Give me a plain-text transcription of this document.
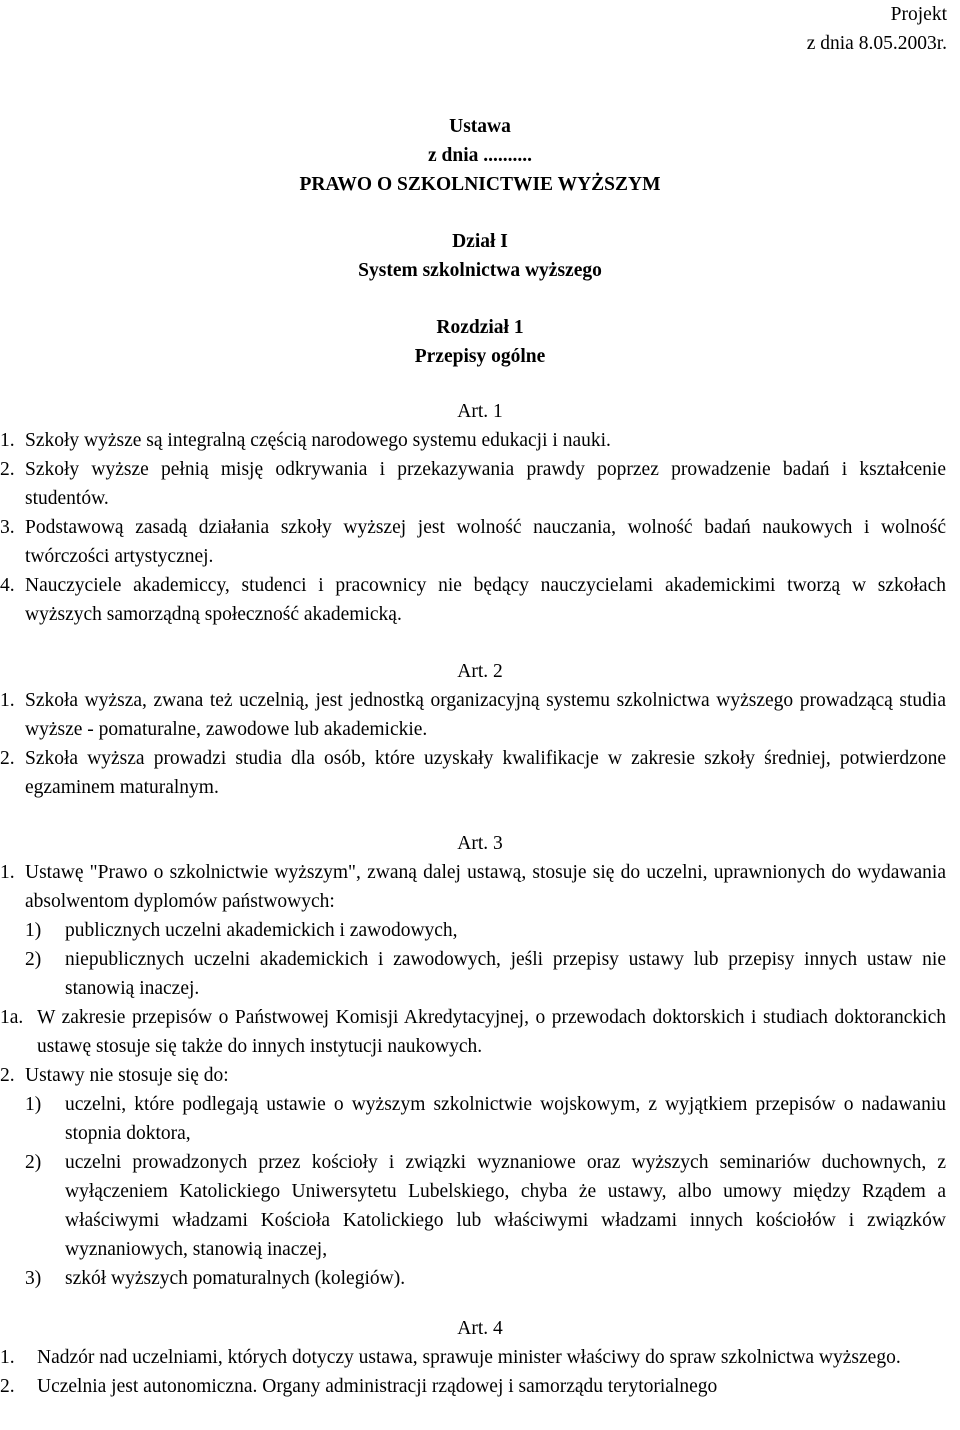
Projekt
z dnia 8.05.2003r.
Ustawa
z dnia ..........
PRAWO O SZKOLNICTWIE WYŻSZYM
Dział I
System szkolnictwa wyższego
Rozdział 1
Przepisy ogólne
Art. 1
1. Szkoły wyższe są integralną częścią narodowego systemu edukacji i nauki.
2. Szkoły wyższe pełnią misję odkrywania i przekazywania prawdy poprzez prowadzenie badań i kształcenie studentów.
3. Podstawową zasadą działania szkoły wyższej jest wolność nauczania, wolność badań naukowych i wolność twórczości artystycznej.
4. Nauczyciele akademiccy, studenci i pracownicy nie będący nauczycielami akademickimi tworzą w szkołach wyższych samorządną społeczność akademicką.
Art. 2
1. Szkoła wyższa, zwana też uczelnią, jest jednostką organizacyjną systemu szkolnictwa wyższego prowadzącą studia wyższe - pomaturalne, zawodowe lub akademickie.
2. Szkoła wyższa prowadzi studia dla osób, które uzyskały kwalifikacje w zakresie szkoły średniej, potwierdzone egzaminem maturalnym.
Art. 3
1. Ustawę "Prawo o szkolnictwie wyższym", zwaną dalej ustawą, stosuje się do uczelni, uprawnionych do wydawania absolwentom dyplomów państwowych:
1) publicznych uczelni akademickich i zawodowych,
2) niepublicznych uczelni akademickich i zawodowych, jeśli przepisy ustawy lub przepisy innych ustaw nie stanowią inaczej.
1a. W zakresie przepisów o Państwowej Komisji Akredytacyjnej, o przewodach doktorskich i studiach doktoranckich ustawę stosuje się także do innych instytucji naukowych.
2. Ustawy nie stosuje się do:
1) uczelni, które podlegają ustawie o wyższym szkolnictwie wojskowym, z wyjątkiem przepisów o nadawaniu stopnia doktora,
2) uczelni prowadzonych przez kościoły i związki wyznaniowe oraz wyższych seminariów duchownych, z wyłączeniem Katolickiego Uniwersytetu Lubelskiego, chyba że ustawy, albo umowy między Rządem a właściwymi władzami Kościoła Katolickiego lub właściwymi władzami innych kościołów i związków wyznaniowych, stanowią inaczej,
3) szkół wyższych pomaturalnych (kolegiów).
Art. 4
1. Nadzór nad uczelniami, których dotyczy ustawa, sprawuje minister właściwy do spraw szkolnictwa wyższego.
2. Uczelnia jest autonomiczna. Organy administracji rządowej i samorządu terytorialnego
